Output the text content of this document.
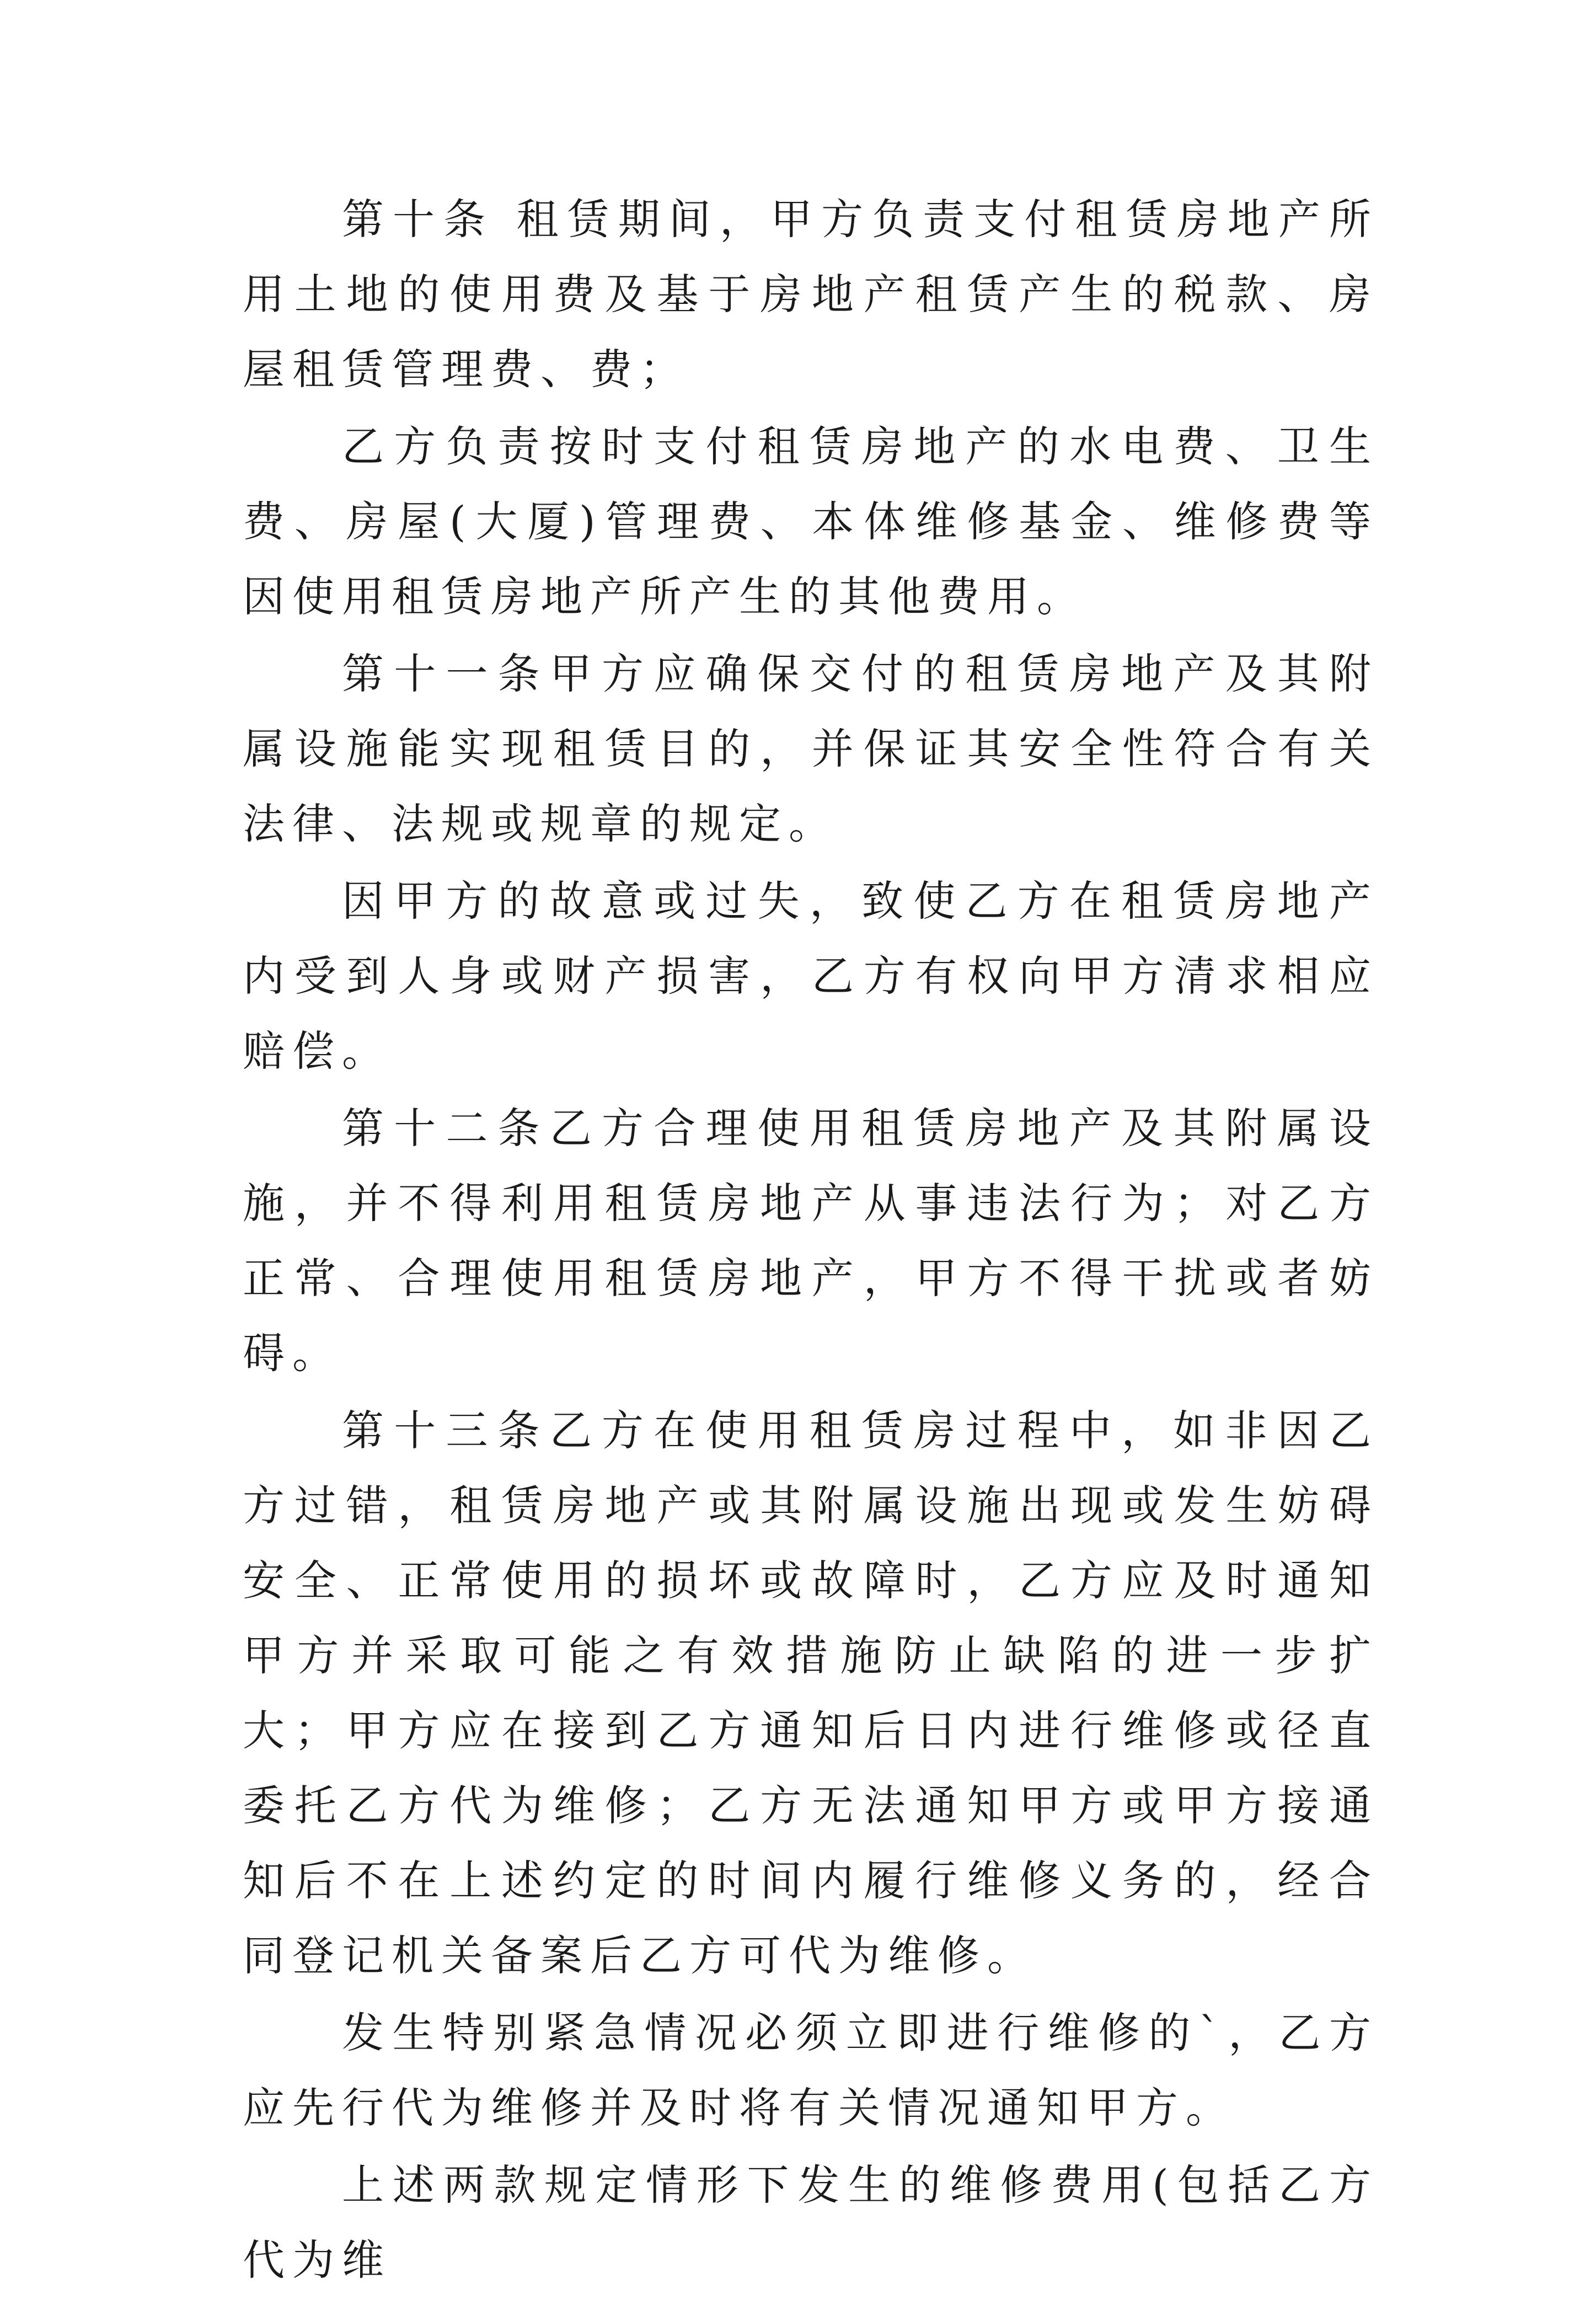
第十条 租赁期间，甲方负责支付租赁房地产所用土地的使用费及基于房地产租赁产生的税款、房屋租赁管理费、费；

乙方负责按时支付租赁房地产的水电费、卫生费、房屋(大厦)管理费、本体维修基金、维修费等因使用租赁房地产所产生的其他费用。

第十一条甲方应确保交付的租赁房地产及其附属设施能实现租赁目的，并保证其安全性符合有关法律、法规或规章的规定。

因甲方的故意或过失，致使乙方在租赁房地产内受到人身或财产损害，乙方有权向甲方清求相应赔偿。

第十二条乙方合理使用租赁房地产及其附属设施，并不得利用租赁房地产从事违法行为；对乙方正常、合理使用租赁房地产，甲方不得干扰或者妨碍。

第十三条乙方在使用租赁房过程中，如非因乙方过错，租赁房地产或其附属设施出现或发生妨碍安全、正常使用的损坏或故障时，乙方应及时通知甲方并采取可能之有效措施防止缺陷的进一步扩大；甲方应在接到乙方通知后日内进行维修或径直委托乙方代为维修；乙方无法通知甲方或甲方接通知后不在上述约定的时间内履行维修义务的，经合同登记机关备案后乙方可代为维修。

发生特别紧急情况必须立即进行维修的`，乙方应先行代为维修并及时将有关情况通知甲方。

上述两款规定情形下发生的维修费用(包括乙方代为维
